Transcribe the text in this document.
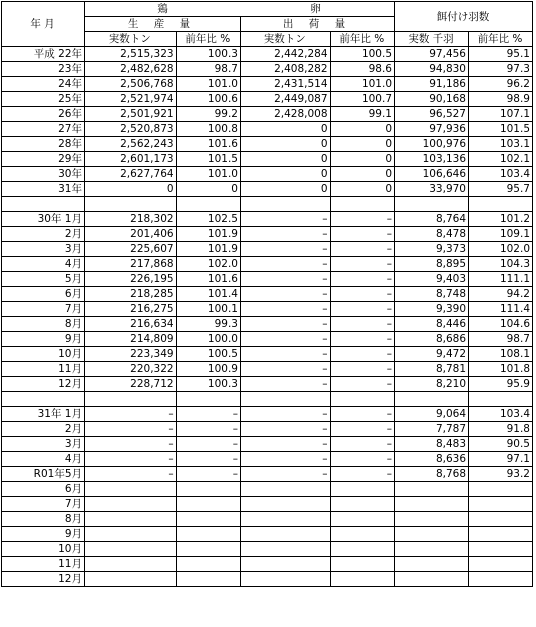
年 月	鶏 卵				餌付け羽数	
	生 産 量		出 荷 量			
	実数トン	前年比 %	実数トン	前年比 %	実数 千羽	前年比 %
平成 22年	2,515,323	100.3	2,442,284	100.5	97,456	95.1
23年	2,482,628	98.7	2,408,282	98.6	94,830	97.3
24年	2,506,768	101.0	2,431,514	101.0	91,186	96.2
25年	2,521,974	100.6	2,449,087	100.7	90,168	98.9
26年	2,501,921	99.2	2,428,008	99.1	96,527	107.1
27年	2,520,873	100.8	0	0	97,936	101.5
28年	2,562,243	101.6	0	0	100,976	103.1
29年	2,601,173	101.5	0	0	103,136	102.1
30年	2,627,764	101.0	0	0	106,646	103.4
31年	0	0	0	0	33,970	95.7

30年 1月	218,302	102.5	–	–	8,764	101.2
2月	201,406	101.9	–	–	8,478	109.1
3月	225,607	101.9	–	–	9,373	102.0
4月	217,868	102.0	–	–	8,895	104.3
5月	226,195	101.6	–	–	9,403	111.1
6月	218,285	101.4	–	–	8,748	94.2
7月	216,275	100.1	–	–	9,390	111.4
8月	216,634	99.3	–	–	8,446	104.6
9月	214,809	100.0	–	–	8,686	98.7
10月	223,349	100.5	–	–	9,472	108.1
11月	220,322	100.9	–	–	8,781	101.8
12月	228,712	100.3	–	–	8,210	95.9

31年 1月	–	–	–	–	9,064	103.4
2月	–	–	–	–	7,787	91.8
3月	–	–	–	–	8,483	90.5
4月	–	–	–	–	8,636	97.1
R01年5月	–	–	–	–	8,768	93.2
6月						
7月						
8月						
9月						
10月						
11月						
12月						
